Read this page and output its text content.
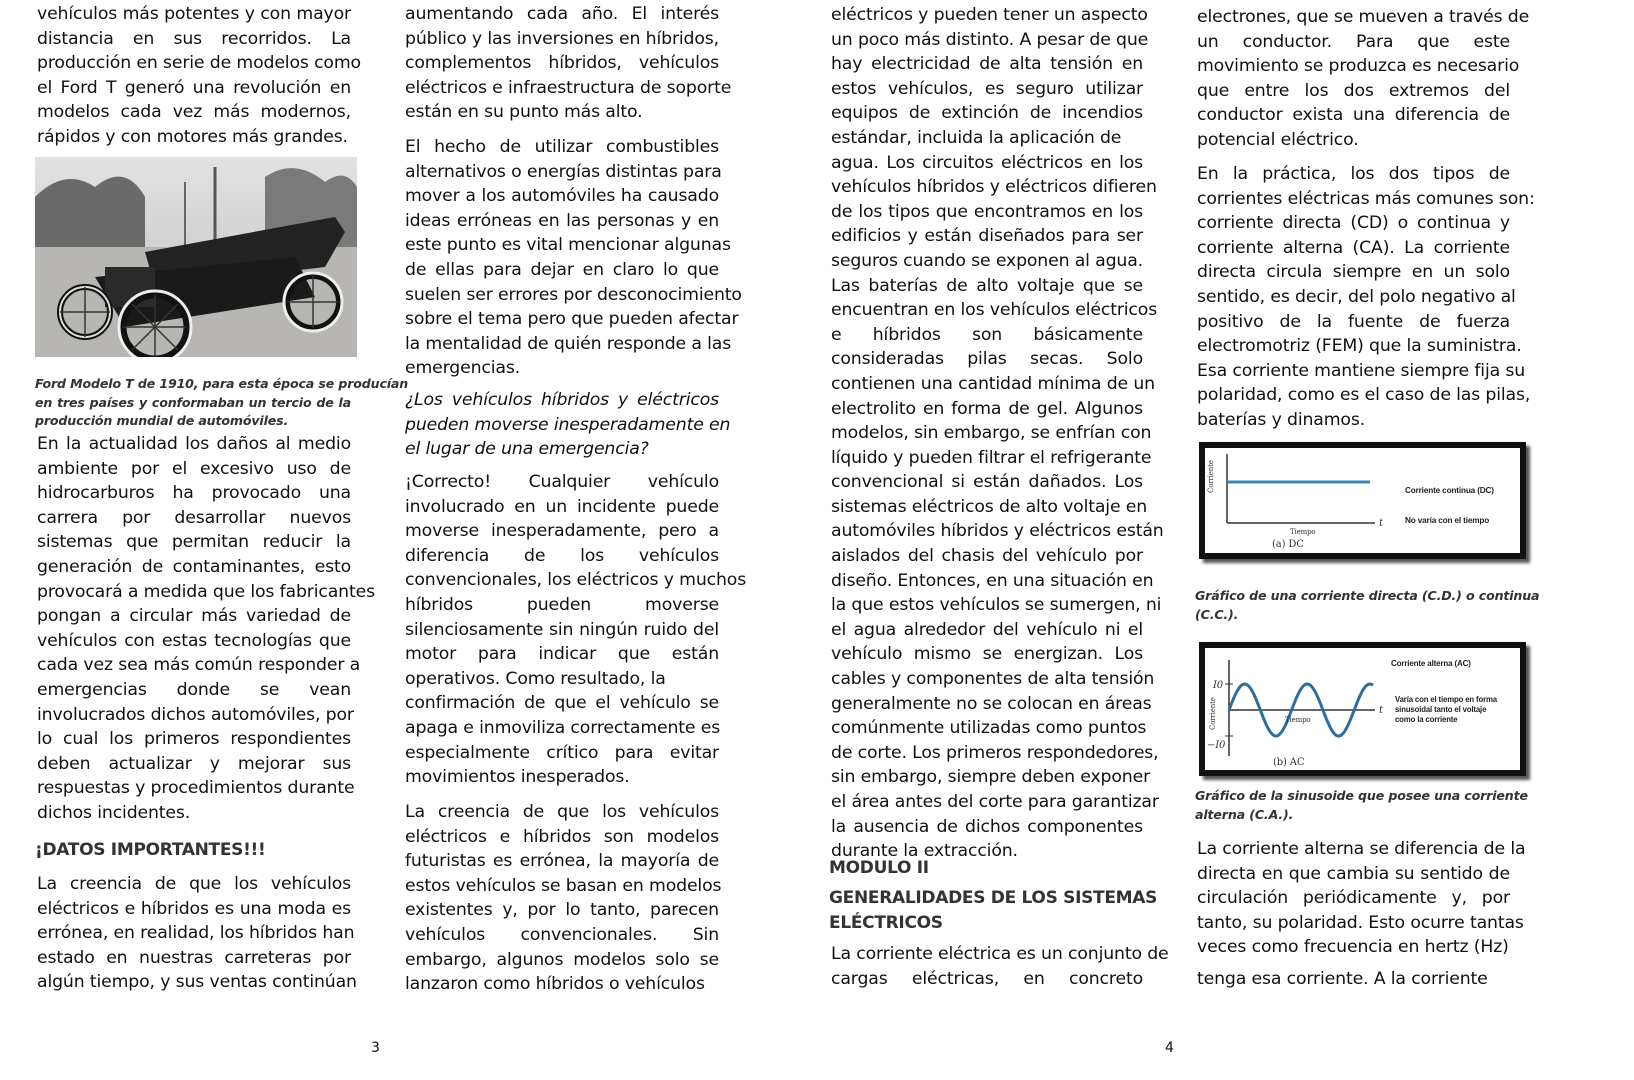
vehículos más potentes y con mayor
distancia en sus recorridos. La
producción en serie de modelos como
el Ford T generó una revolución en
modelos cada vez más modernos,
rápidos y con motores más grandes.
Ford Modelo T de 1910, para esta época se producían
en tres países y conformaban un tercio de la
producción mundial de automóviles.
En la actualidad los daños al medio
ambiente por el excesivo uso de
hidrocarburos ha provocado una
carrera por desarrollar nuevos
sistemas que permitan reducir la
generación de contaminantes, esto
provocará a medida que los fabricantes
pongan a circular más variedad de
vehículos con estas tecnologías que
cada vez sea más común responder a
emergencias donde se vean
involucrados dichos automóviles, por
lo cual los primeros respondientes
deben actualizar y mejorar sus
respuestas y procedimientos durante
dichos incidentes.
¡DATOS IMPORTANTES!!!
La creencia de que los vehículos
eléctricos e híbridos es una moda es
errónea, en realidad, los híbridos han
estado en nuestras carreteras por
algún tiempo, y sus ventas continúan
aumentando cada año. El interés
público y las inversiones en híbridos,
complementos híbridos, vehículos
eléctricos e infraestructura de soporte
están en su punto más alto.
El hecho de utilizar combustibles
alternativos o energías distintas para
mover a los automóviles ha causado
ideas erróneas en las personas y en
este punto es vital mencionar algunas
de ellas para dejar en claro lo que
suelen ser errores por desconocimiento
sobre el tema pero que pueden afectar
la mentalidad de quién responde a las
emergencias.
¿Los vehículos híbridos y eléctricos
pueden moverse inesperadamente en
el lugar de una emergencia?
¡Correcto! Cualquier vehículo
involucrado en un incidente puede
moverse inesperadamente, pero a
diferencia de los vehículos
convencionales, los eléctricos y muchos
híbridos pueden moverse
silenciosamente sin ningún ruido del
motor para indicar que están
operativos. Como resultado, la
confirmación de que el vehículo se
apaga e inmoviliza correctamente es
especialmente crítico para evitar
movimientos inesperados.
La creencia de que los vehículos
eléctricos e híbridos son modelos
futuristas es errónea, la mayoría de
estos vehículos se basan en modelos
existentes y, por lo tanto, parecen
vehículos convencionales. Sin
embargo, algunos modelos solo se
lanzaron como híbridos o vehículos
3
eléctricos y pueden tener un aspecto
un poco más distinto. A pesar de que
hay electricidad de alta tensión en
estos vehículos, es seguro utilizar
equipos de extinción de incendios
estándar, incluida la aplicación de
agua. Los circuitos eléctricos en los
vehículos híbridos y eléctricos difieren
de los tipos que encontramos en los
edificios y están diseñados para ser
seguros cuando se exponen al agua.
Las baterías de alto voltaje que se
encuentran en los vehículos eléctricos
e híbridos son básicamente
consideradas pilas secas. Solo
contienen una cantidad mínima de un
electrolito en forma de gel. Algunos
modelos, sin embargo, se enfrían con
líquido y pueden filtrar el refrigerante
convencional si están dañados. Los
sistemas eléctricos de alto voltaje en
automóviles híbridos y eléctricos están
aislados del chasis del vehículo por
diseño. Entonces, en una situación en
la que estos vehículos se sumergen, ni
el agua alrededor del vehículo ni el
vehículo mismo se energizan. Los
cables y componentes de alta tensión
generalmente no se colocan en áreas
comúnmente utilizadas como puntos
de corte. Los primeros respondedores,
sin embargo, siempre deben exponer
el área antes del corte para garantizar
la ausencia de dichos componentes
durante la extracción.
MODULO II
GENERALIDADES DE LOS SISTEMAS
ELÉCTRICOS
La corriente eléctrica es un conjunto de
cargas eléctricas, en concreto
electrones, que se mueven a través de
un conductor. Para que este
movimiento se produzca es necesario
que entre los dos extremos del
conductor exista una diferencia de
potencial eléctrico.
En la práctica, los dos tipos de
corrientes eléctricas más comunes son:
corriente directa (CD) o continua y
corriente alterna (CA). La corriente
directa circula siempre en un solo
sentido, es decir, del polo negativo al
positivo de la fuente de fuerza
electromotriz (FEM) que la suministra.
Esa corriente mantiene siempre fija su
polaridad, como es el caso de las pilas,
baterías y dinamos.
Corriente
Tiempo
t
(a) DC
Corriente continua (DC)
No varía con el tiempo
Gráfico de una corriente directa (C.D.) o continua
(C.C.).
I0
−I0
Corriente	Tiempo
t
(b) AC
Corriente alterna (AC)
Varía con el tiempo en forma
sinusoidal tanto el voltaje
como la corriente
Gráfico de la sinusoide que posee una corriente
alterna (C.A.).
La corriente alterna se diferencia de la
directa en que cambia su sentido de
circulación periódicamente y, por
tanto, su polaridad. Esto ocurre tantas
veces como frecuencia en hertz (Hz)
tenga esa corriente. A la corriente
4
